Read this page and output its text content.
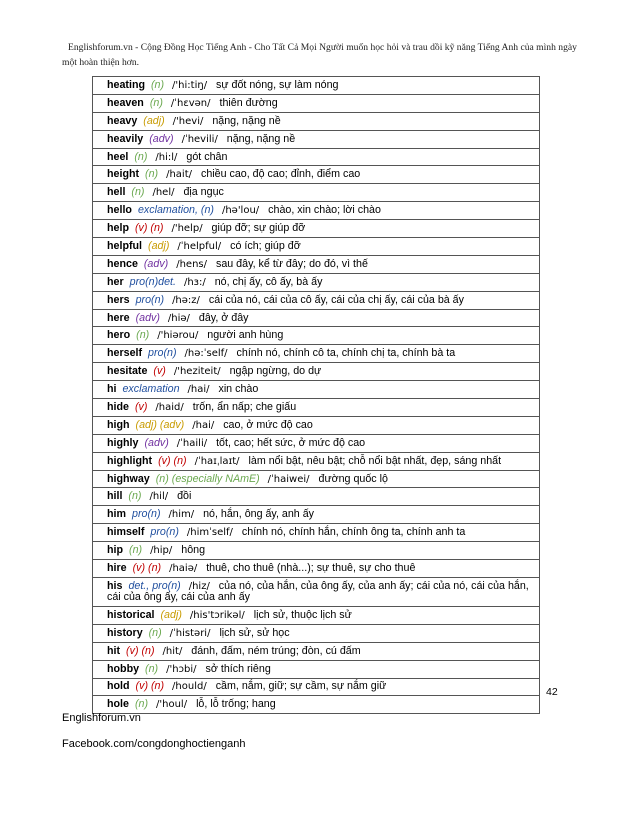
Englishforum.vn - Cộng Đồng Học Tiếng Anh - Cho Tất Cả Mọi Người muốn học hỏi và trau dồi kỹ năng Tiếng Anh của mình ngày một hoàn thiện hơn.
heating (n) /'hi:tiŋ/ sự đốt nóng, sự làm nóng
heaven (n) /ˈhɛvən/ thiên đường
heavy (adj) /'hevi/ nặng, nặng nề
heavily (adv) /ˈhevili/ nặng, nặng nề
heel (n) /hi:l/ gót chân
height (n) /hait/ chiều cao, độ cao; đỉnh, điểm cao
hell (n) /hel/ địa ngục
hello exclamation, (n) /hə'lou/ chào, xin chào; lời chào
help (v) (n) /'help/ giúp đỡ; sự giúp đỡ
helpful (adj) /ˈhelpful/ có ích; giúp đỡ
hence (adv) /hens/ sau đây, kể từ đây; do đó, vì thế
her pro(n)det. /hɜ:/ nó, chị ấy, cô ấy, bà ấy
hers pro(n) /hə:z/ cái của nó, cái của cô ấy, cái của chị ấy, cái của bà ấy
here (adv) /hiə/ đây, ở đây
hero (n) /'hiərou/ người anh hùng
herself pro(n) /hə:ˈself/ chính nó, chính cô ta, chính chị ta, chính bà ta
hesitate (v) /'heziteit/ ngập ngừng, do dự
hi exclamation /hai/ xin chào
hide (v) /haid/ trốn, ẩn nấp; che giấu
high (adj) (adv) /hai/ cao, ở mức độ cao
highly (adv) /ˈhaili/ tốt, cao; hết sức, ở mức độ cao
highlight (v) (n) /ˈhaɪˌlaɪt/ làm nổi bật, nêu bật; chỗ nổi bật nhất, đẹp, sáng nhất
highway (n) (especially NAmE) /ˈhaiwei/ đường quốc lộ
hill (n) /hil/ đồi
him pro(n) /him/ nó, hắn, ông ấy, anh ấy
himself pro(n) /himˈself/ chính nó, chính hắn, chính ông ta, chính anh ta
hip (n) /hip/ hông
hire (v) (n) /haiə/ thuê, cho thuê (nhà...); sự thuê, sự cho thuê

his det., pro(n) /hiz/ của nó, của hắn, của ông ấy, của anh ấy; cái của nó, cái của hắn, cái của ông ấy, cái của anh ấy

historical (adj) /his'tɔrikəl/ lịch sử, thuộc lịch sử
history (n) /ˈhistəri/ lịch sử, sử học
hit (v) (n) /hit/ đánh, đấm, ném trúng; đòn, cú đấm
hobby (n) /'hɔbi/ sở thích riêng
hold (v) (n) /hould/ cầm, nắm, giữ; sự cầm, sự nắm giữ
hole (n) /'houl/ lỗ, lỗ trống; hang
42
Englishforum.vn
Facebook.com/congdonghoctienganh
